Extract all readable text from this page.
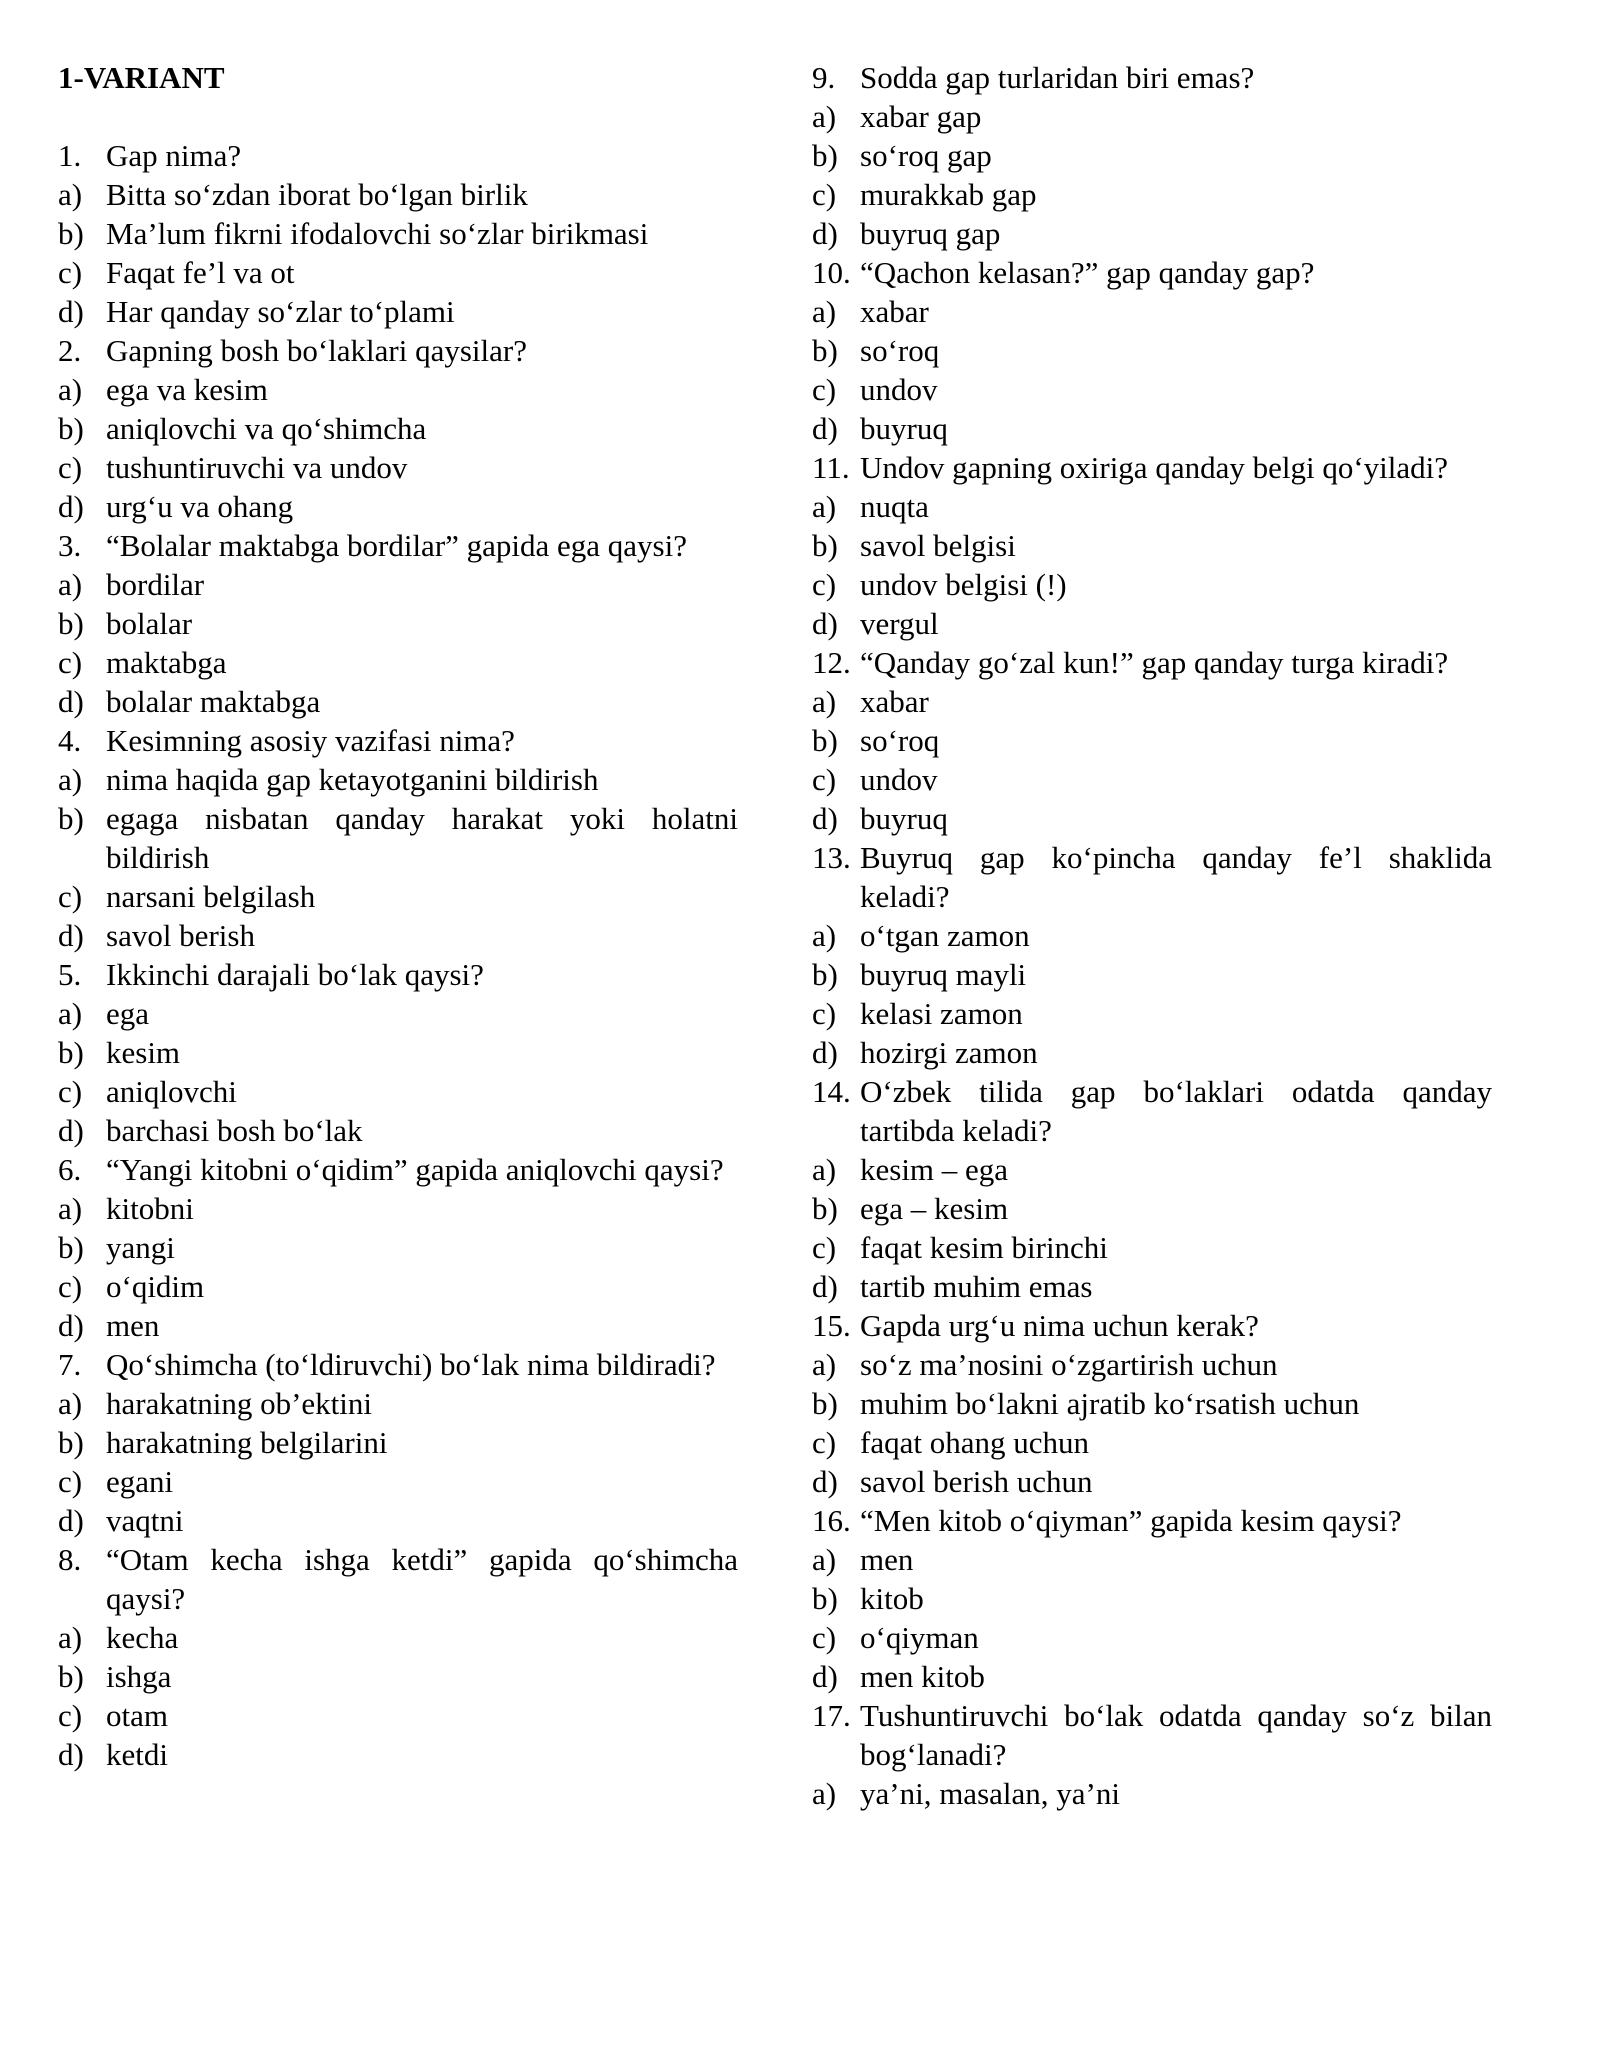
1-VARIANT
1. Gap nima?
a) Bitta so‘zdan iborat bo‘lgan birlik
b) Ma’lum fikrni ifodalovchi so‘zlar birikmasi
c) Faqat fe’l va ot
d) Har qanday so‘zlar to‘plami
2. Gapning bosh bo‘laklari qaysilar?
a) ega va kesim
b) aniqlovchi va qo‘shimcha
c) tushuntiruvchi va undov
d) urg‘u va ohang
3. “Bolalar maktabga bordilar” gapida ega qaysi?
a) bordilar
b) bolalar
c) maktabga
d) bolalar maktabga
4. Kesimning asosiy vazifasi nima?
a) nima haqida gap ketayotganini bildirish
b) egaga nisbatan qanday harakat yoki holatni bildirish
c) narsani belgilash
d) savol berish
5. Ikkinchi darajali bo‘lak qaysi?
a) ega
b) kesim
c) aniqlovchi
d) barchasi bosh bo‘lak
6. “Yangi kitobni o‘qidim” gapida aniqlovchi qaysi?
a) kitobni
b) yangi
c) o‘qidim
d) men
7. Qo‘shimcha (to‘ldiruvchi) bo‘lak nima bildiradi?
a) harakatning ob’ektini
b) harakatning belgilarini
c) egani
d) vaqtni
8. “Otam kecha ishga ketdi” gapida qo‘shimcha qaysi?
a) kecha
b) ishga
c) otam
d) ketdi
9. Sodda gap turlaridan biri emas?
a) xabar gap
b) so‘roq gap
c) murakkab gap
d) buyruq gap
10. “Qachon kelasan?” gap qanday gap?
a) xabar
b) so‘roq
c) undov
d) buyruq
11. Undov gapning oxiriga qanday belgi qo‘yiladi?
a) nuqta
b) savol belgisi
c) undov belgisi (!)
d) vergul
12. “Qanday go‘zal kun!” gap qanday turga kiradi?
a) xabar
b) so‘roq
c) undov
d) buyruq
13. Buyruq gap ko‘pincha qanday fe’l shaklida keladi?
a) o‘tgan zamon
b) buyruq mayli
c) kelasi zamon
d) hozirgi zamon
14. O‘zbek tilida gap bo‘laklari odatda qanday tartibda keladi?
a) kesim – ega
b) ega – kesim
c) faqat kesim birinchi
d) tartib muhim emas
15. Gapda urg‘u nima uchun kerak?
a) so‘z ma’nosini o‘zgartirish uchun
b) muhim bo‘lakni ajratib ko‘rsatish uchun
c) faqat ohang uchun
d) savol berish uchun
16. “Men kitob o‘qiyman” gapida kesim qaysi?
a) men
b) kitob
c) o‘qiyman
d) men kitob
17. Tushuntiruvchi bo‘lak odatda qanday so‘z bilan bog‘lanadi?
a) ya’ni, masalan, ya’ni
